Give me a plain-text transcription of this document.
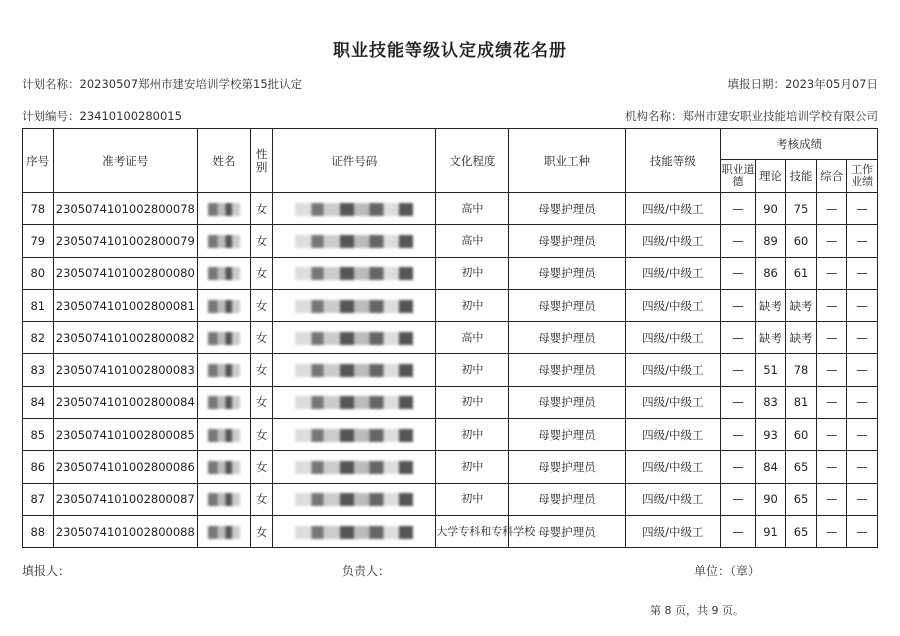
职业技能等级认定成绩花名册
计划名称：20230507郑州市建安培训学校第15批认定	填报日期：2023年05月07日
计划编号：23410100280015	机构名称：郑州市建安职业技能培训学校有限公司
序号	准考证号	姓名	性别	证件号码	文化程度	职业工种	技能等级	考核成绩				
								职业道德	理论	技能	综合	工作业绩
78	2305074101002800078		女		高中	母婴护理员	四级/中级工	—	90	75	—	—
79	2305074101002800079		女		高中	母婴护理员	四级/中级工	—	89	60	—	—
80	2305074101002800080		女		初中	母婴护理员	四级/中级工	—	86	61	—	—
81	2305074101002800081		女		初中	母婴护理员	四级/中级工	—	缺考	缺考	—	—
82	2305074101002800082		女		高中	母婴护理员	四级/中级工	—	缺考	缺考	—	—
83	2305074101002800083		女		初中	母婴护理员	四级/中级工	—	51	78	—	—
84	2305074101002800084		女		初中	母婴护理员	四级/中级工	—	83	81	—	—
85	2305074101002800085		女		初中	母婴护理员	四级/中级工	—	93	60	—	—
86	2305074101002800086		女		初中	母婴护理员	四级/中级工	—	84	65	—	—
87	2305074101002800087		女		初中	母婴护理员	四级/中级工	—	90	65	—	—
88	2305074101002800088		女		大学专科和专科学校	母婴护理员	四级/中级工	—	91	65	—	—
填报人：	负责人：	单位：（章）
第 8 页，共 9 页。
